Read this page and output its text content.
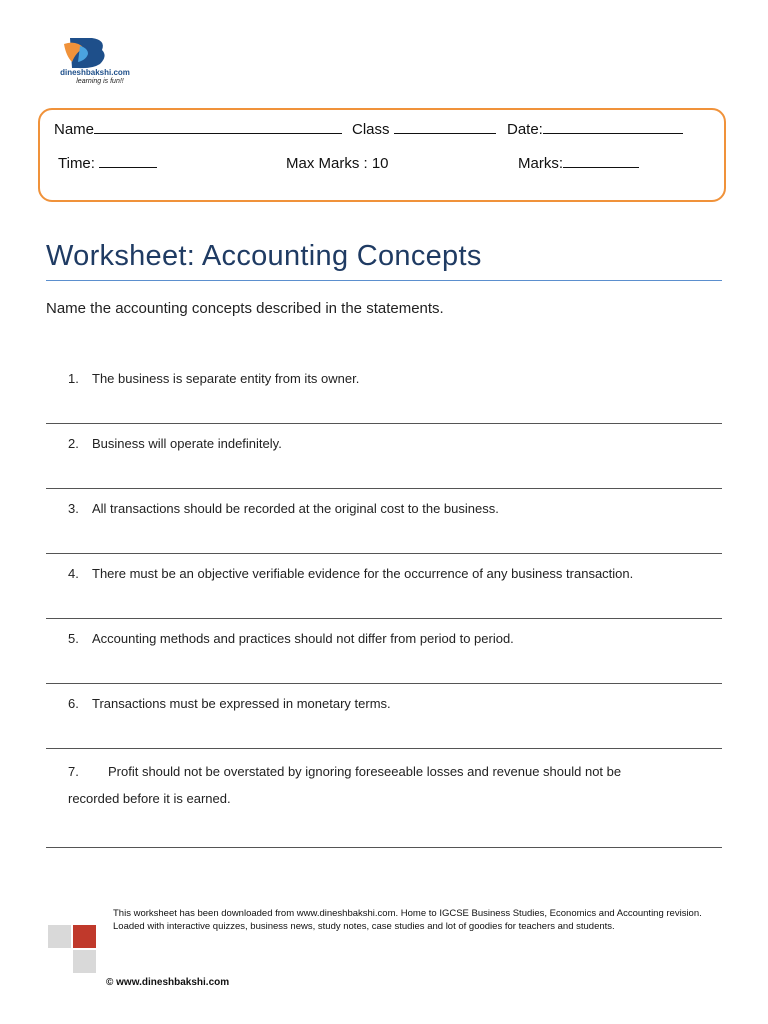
dineshbakshi.com
learning is fun!!
Name	Class	Date:
Time:	Max Marks : 10	Marks:
Worksheet: Accounting Concepts
Name the accounting concepts described in the statements.
1. The business is separate entity from its owner.
2. Business will operate indefinitely.
3. All transactions should be recorded at the original cost to the business.
4. There must be an objective verifiable evidence for the occurrence of any business transaction.
5. Accounting methods and practices should not differ from period to period.
6. Transactions must be expressed in monetary terms.
7. Profit should not be overstated by ignoring foreseeable losses and revenue should not be recorded before it is earned.
This worksheet has been downloaded from www.dineshbakshi.com. Home to IGCSE Business Studies, Economics and Accounting revision. Loaded with interactive quizzes, business news, study notes, case studies and lot of goodies for teachers and students.
© www.dineshbakshi.com
